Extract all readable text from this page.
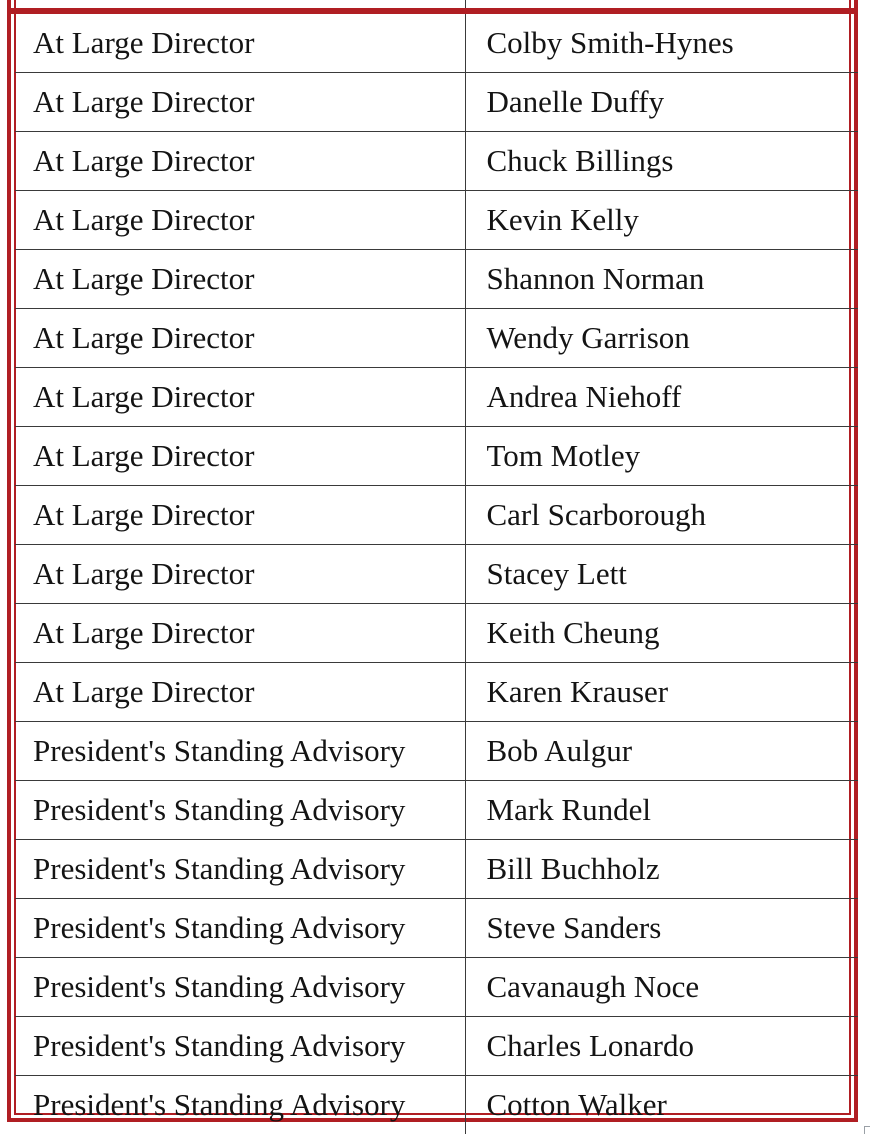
At Large Director	Colby Smith-Hynes
At Large Director	Danelle Duffy
At Large Director	Chuck Billings
At Large Director	Kevin Kelly
At Large Director	Shannon Norman
At Large Director	Wendy Garrison
At Large Director	Andrea Niehoff
At Large Director	Tom Motley
At Large Director	Carl Scarborough
At Large Director	Stacey Lett
At Large Director	Keith Cheung
At Large Director	Karen Krauser
President's Standing Advisory	Bob Aulgur
President's Standing Advisory	Mark Rundel
President's Standing Advisory	Bill Buchholz
President's Standing Advisory	Steve Sanders
President's Standing Advisory	Cavanaugh Noce
President's Standing Advisory	Charles Lonardo
President's Standing Advisory	Cotton Walker
